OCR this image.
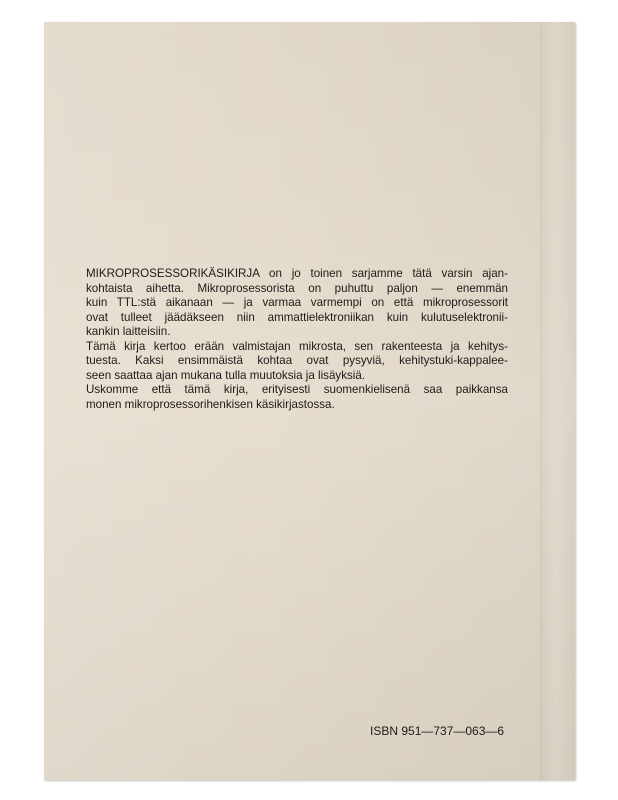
MIKROPROSESSORIKÄSIKIRJA on jo toinen sarjamme tätä varsin ajan-
kohtaista aihetta. Mikroprosessorista on puhuttu paljon — enemmän
kuin TTL:stä aikanaan — ja varmaa varmempi on että mikroprosessorit
ovat tulleet jäädäkseen niin ammattielektroniikan kuin kulutuselektronii-
kankin laitteisiin.
Tämä kirja kertoo erään valmistajan mikrosta, sen rakenteesta ja kehitys-
tuesta. Kaksi ensimmäistä kohtaa ovat pysyviä, kehitystuki-kappalee-
seen saattaa ajan mukana tulla muutoksia ja lisäyksiä.
Uskomme että tämä kirja, erityisesti suomenkielisenä saa paikkansa
monen mikroprosessorihenkisen käsikirjastossa.
ISBN 951—737—063—6
